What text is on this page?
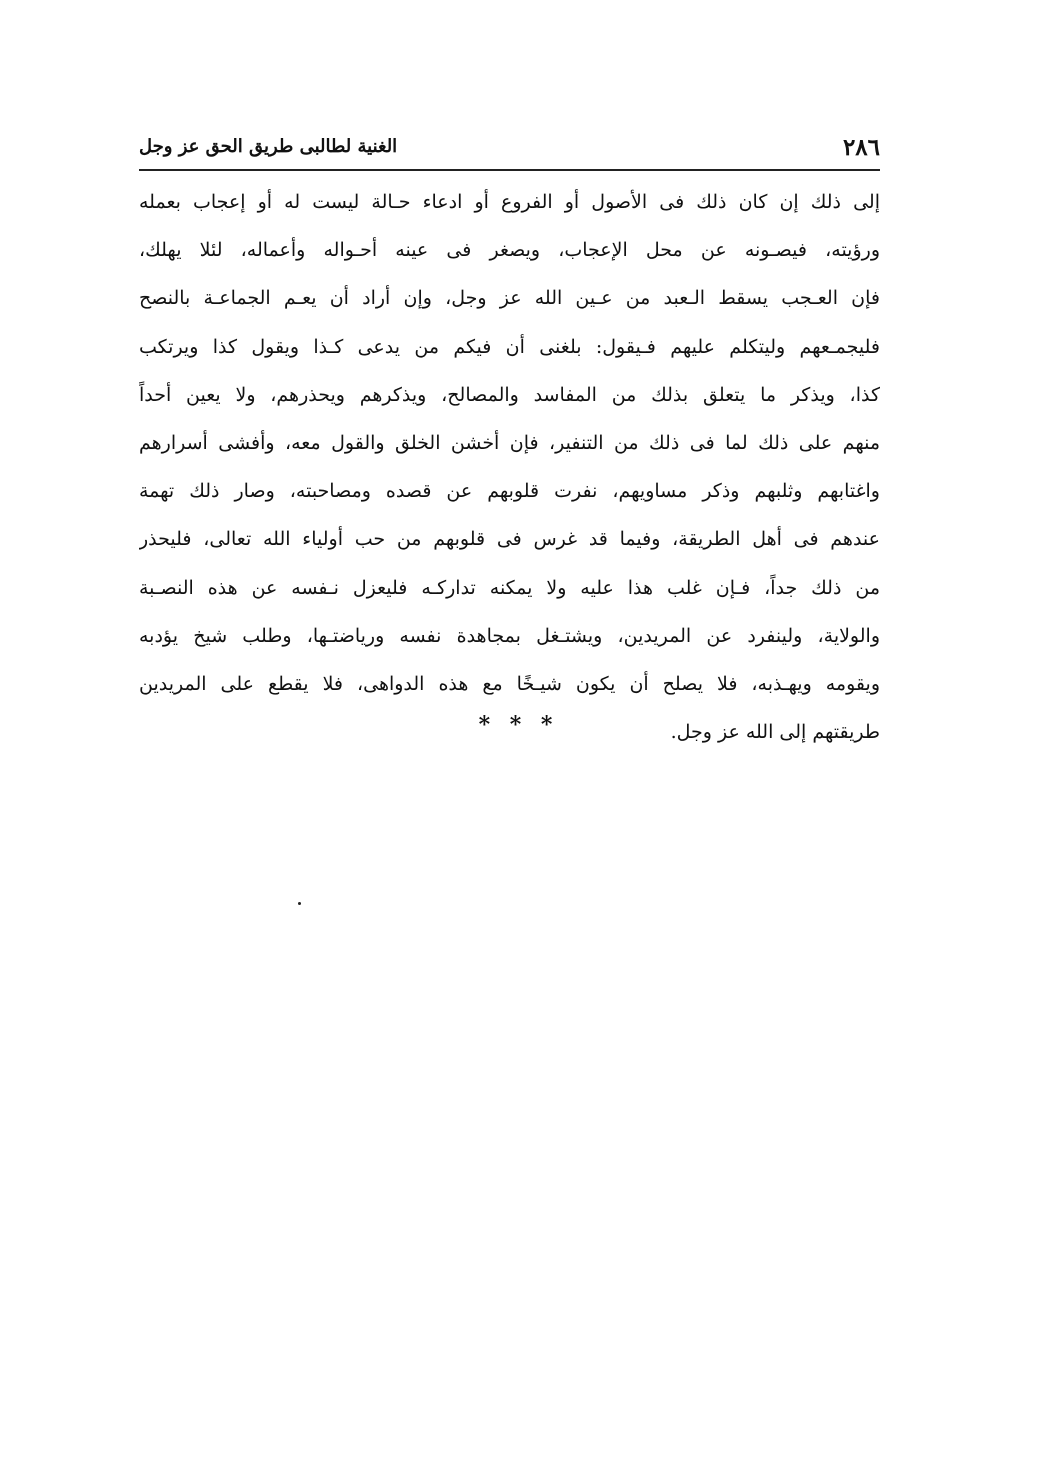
٢٨٦
الغنية لطالبى طريق الحق عز وجل
إلى ذلك إن كان ذلك فى الأصول أو الفروع أو ادعاء حـالة ليست له أو إعجاب بعمله
ورؤيته، فيصـونه عن محل الإعجاب، ويصغر فى عينه أحـواله وأعماله، لئلا يهلك،
فإن العـجب يسقط الـعبد من عـين الله عز وجل، وإن أراد أن يعـم الجماعـة بالنصح
فليجمـعهم وليتكلم عليهم فـيقول: بلغنى أن فيكم من يدعى كـذا ويقول كذا ويرتكب
كذا، ويذكر ما يتعلق بذلك من المفاسد والمصالح، ويذكرهم ويحذرهم، ولا يعين أحداً
منهم على ذلك لما فى ذلك من التنفير، فإن أخشن الخلق والقول معه، وأفشى أسرارهم
واغتابهم وثلبهم وذكر مساويهم، نفرت قلوبهم عن قصده ومصاحبته، وصار ذلك تهمة
عندهم فى أهل الطريقة، وفيما قد غرس فى قلوبهم من حب أولياء الله تعالى، فليحذر
من ذلك جداً، فـإن غلب هذا عليه ولا يمكنه تداركـه فليعزل نـفسه عن هذه النصـبة
والولاية، ولينفرد عن المريدين، ويشتـغل بمجاهدة نفسه ورياضتـها، وطلب شيخ يؤدبه
ويقومه ويهـذبه، فلا يصلح أن يكون شيـخًا مع هذه الدواهى، فلا يقطع على المريدين
طريقتهم إلى الله عز وجل.
* * *
